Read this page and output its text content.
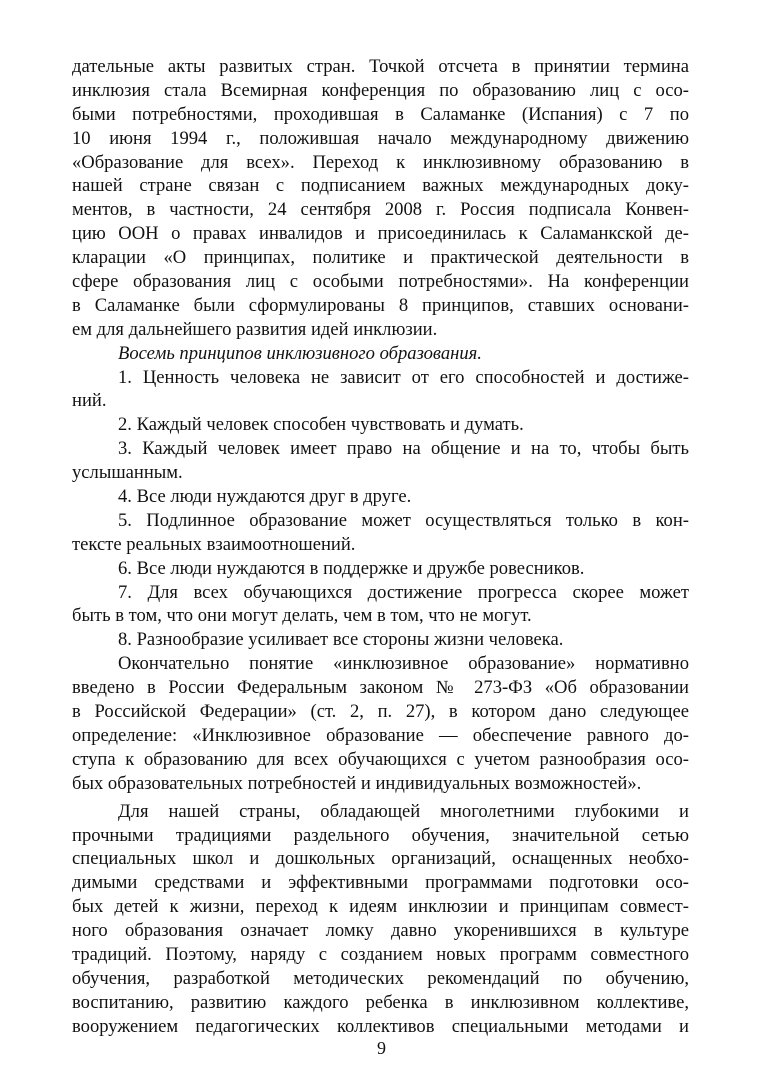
дательные акты развитых стран. Точкой отсчета в принятии термина
инклюзия стала Всемирная конференция по образованию лиц с осо-
быми потребностями, проходившая в Саламанке (Испания) с 7 по
10 июня 1994 г., положившая начало международному движению
«Образование для всех». Переход к инклюзивному образованию в
нашей стране связан с подписанием важных международных доку-
ментов, в частности, 24 сентября 2008 г. Россия подписала Конвен-
цию ООН о правах инвалидов и присоединилась к Саламанкской де-
кларации «О принципах, политике и практической деятельности в
сфере образования лиц с особыми потребностями». На конференции
в Саламанке были сформулированы 8 принципов, ставших основани-
ем для дальнейшего развития идей инклюзии.
Восемь принципов инклюзивного образования.
1. Ценность человека не зависит от его способностей и достиже-
ний.
2. Каждый человек способен чувствовать и думать.
3. Каждый человек имеет право на общение и на то, чтобы быть
услышанным.
4. Все люди нуждаются друг в друге.
5. Подлинное образование может осуществляться только в кон-
тексте реальных взаимоотношений.
6. Все люди нуждаются в поддержке и дружбе ровесников.
7. Для всех обучающихся достижение прогресса скорее может
быть в том, что они могут делать, чем в том, что не могут.
8. Разнообразие усиливает все стороны жизни человека.
Окончательно понятие «инклюзивное образование» нормативно
введено в России Федеральным законом № 273-ФЗ «Об образовании
в Российской Федерации» (ст. 2, п. 27), в котором дано следующее
определение: «Инклюзивное образование — обеспечение равного до-
ступа к образованию для всех обучающихся с учетом разнообразия осо-
бых образовательных потребностей и индивидуальных возможностей».
Для нашей страны, обладающей многолетними глубокими и
прочными традициями раздельного обучения, значительной сетью
специальных школ и дошкольных организаций, оснащенных необхо-
димыми средствами и эффективными программами подготовки осо-
бых детей к жизни, переход к идеям инклюзии и принципам совмест-
ного образования означает ломку давно укоренившихся в культуре
традиций. Поэтому, наряду с созданием новых программ совместного
обучения, разработкой методических рекомендаций по обучению,
воспитанию, развитию каждого ребенка в инклюзивном коллективе,
вооружением педагогических коллективов специальными методами и
9
